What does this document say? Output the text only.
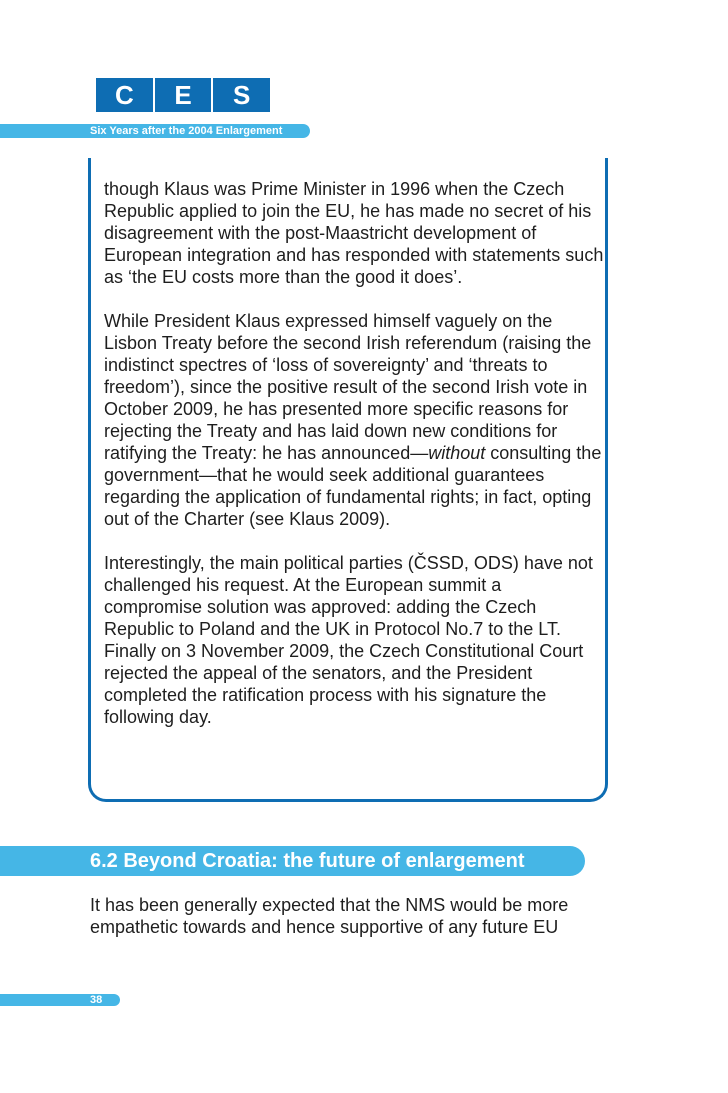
C	E	S
Six Years after the 2004 Enlargement

though Klaus was Prime Minister in 1996 when the Czech Republic applied to join the EU, he has made no secret of his disagreement with the post-Maastricht development of European integration and has responded with statements such as ‘the EU costs more than the good it does’.

While President Klaus expressed himself vaguely on the Lisbon Treaty before the second Irish referendum (raising the indistinct spectres of ‘loss of sovereignty’ and ‘threats to freedom’), since the positive result of the second Irish vote in October 2009, he has presented more specific reasons for rejecting the Treaty and has laid down new conditions for ratifying the Treaty: he has announced—without consulting the government—that he would seek additional guarantees regarding the application of fundamental rights; in fact, opting out of the Charter (see Klaus 2009).

Interestingly, the main political parties (ČSSD, ODS) have not challenged his request. At the European summit a compromise solution was approved: adding the Czech Republic to Poland and the UK in Protocol No.7 to the LT. Finally on 3 November 2009, the Czech Constitutional Court rejected the appeal of the senators, and the President completed the ratification process with his signature the following day.

6.2 Beyond Croatia: the future of enlargement

It has been generally expected that the NMS would be more empathetic towards and hence supportive of any future EU

38
